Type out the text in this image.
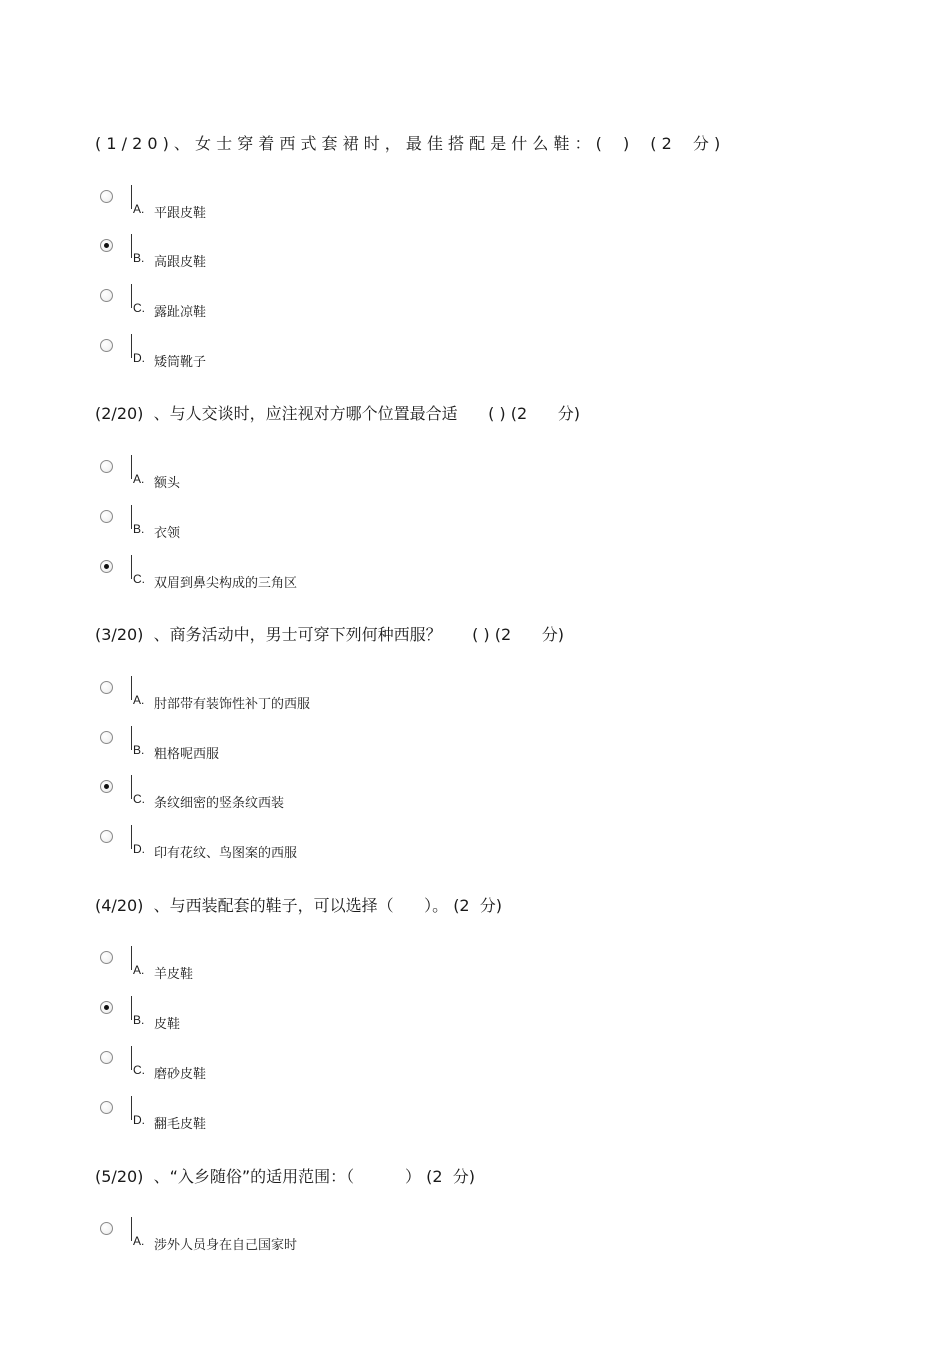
( 1 / 2 0 ) 、 女 士 穿 着 西 式 套 裙 时 ， 最 佳 搭 配 是 什 么 鞋 ： (　 )　 ( 2　 分 )
A. 平跟皮鞋
B. 高跟皮鞋
C. 露趾凉鞋
D. 矮筒靴子
(2/20)  、与人交谈时，应注视对方哪个位置最合适      ( ) (2      分)
A. 额头
B. 衣领
C. 双眉到鼻尖构成的三角区
(3/20)  、商务活动中，男士可穿下列何种西服？      ( ) (2      分)
A. 肘部带有装饰性补丁的西服
B. 粗格呢西服
C. 条纹细密的竖条纹西装
D. 印有花纹、鸟图案的西服
(4/20)  、与西装配套的鞋子，可以选择（      ）。 (2  分)
A. 羊皮鞋
B. 皮鞋
C. 磨砂皮鞋
D. 翻毛皮鞋
(5/20)  、“入乡随俗”的适用范围：（          ） (2  分)
A. 涉外人员身在自己国家时
